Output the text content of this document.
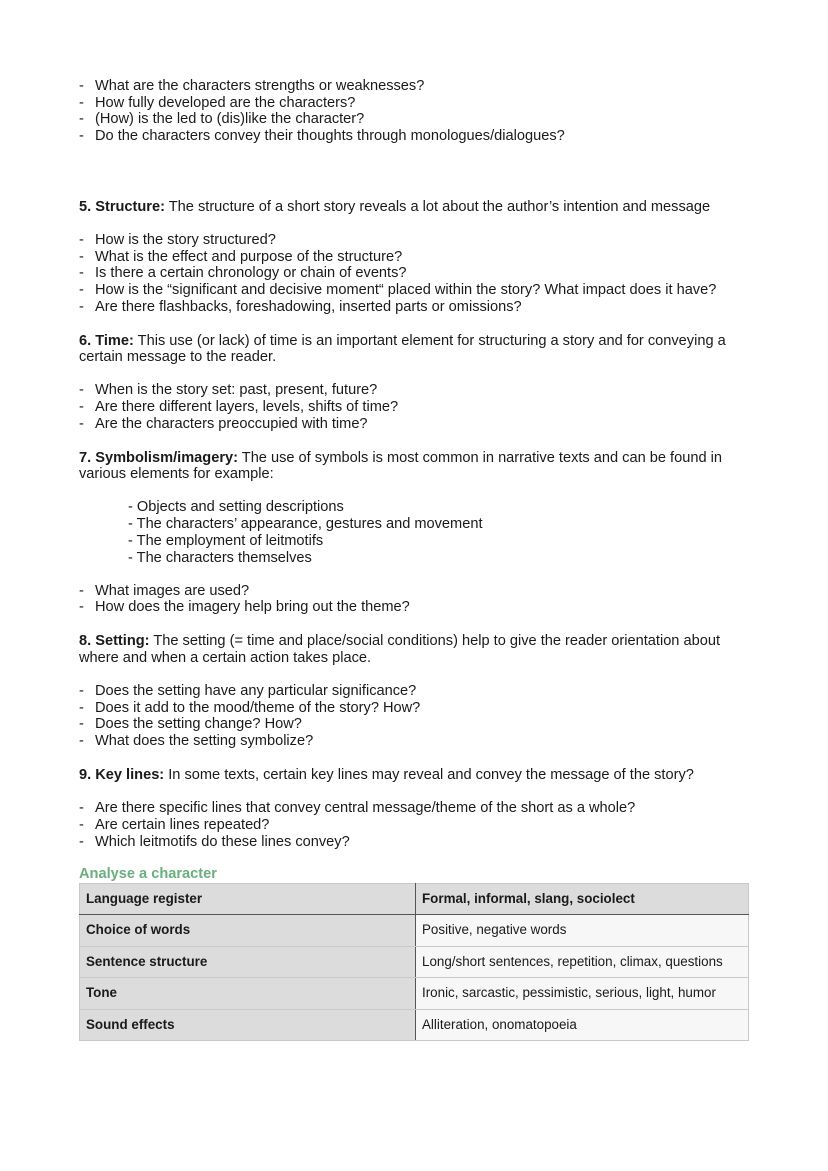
- What are the characters strengths or weaknesses?
- How fully developed are the characters?
- (How) is the led to (dis)like the character?
- Do the characters convey their thoughts through monologues/dialogues?

5. Structure: The structure of a short story reveals a lot about the author’s intention and message

- How is the story structured?
- What is the effect and purpose of the structure?
- Is there a certain chronology or chain of events?
- How is the “significant and decisive moment“ placed within the story? What impact does it have?
- Are there flashbacks, foreshadowing, inserted parts or omissions?

6. Time: This use (or lack) of time is an important element for structuring a story and for conveying a certain message to the reader.

- When is the story set: past, present, future?
- Are there different layers, levels, shifts of time?
- Are the characters preoccupied with time?

7. Symbolism/imagery: The use of symbols is most common in narrative texts and can be found in various elements for example:

- Objects and setting descriptions
- The characters’ appearance, gestures and movement
- The employment of leitmotifs
- The characters themselves
- What images are used?
- How does the imagery help bring out the theme?

8. Setting: The setting (= time and place/social conditions) help to give the reader orientation about where and when a certain action takes place.

- Does the setting have any particular significance?
- Does it add to the mood/theme of the story? How?
- Does the setting change? How?
- What does the setting symbolize?

9. Key lines: In some texts, certain key lines may reveal and convey the message of the story?

- Are there specific lines that convey central message/theme of the short as a whole?
- Are certain lines repeated?
- Which leitmotifs do these lines convey?

Analyse a character

Language register	Formal, informal, slang, sociolect
Choice of words	Positive, negative words
Sentence structure	Long/short sentences, repetition, climax, questions
Tone	Ironic, sarcastic, pessimistic, serious, light, humor
Sound effects	Alliteration, onomatopoeia
